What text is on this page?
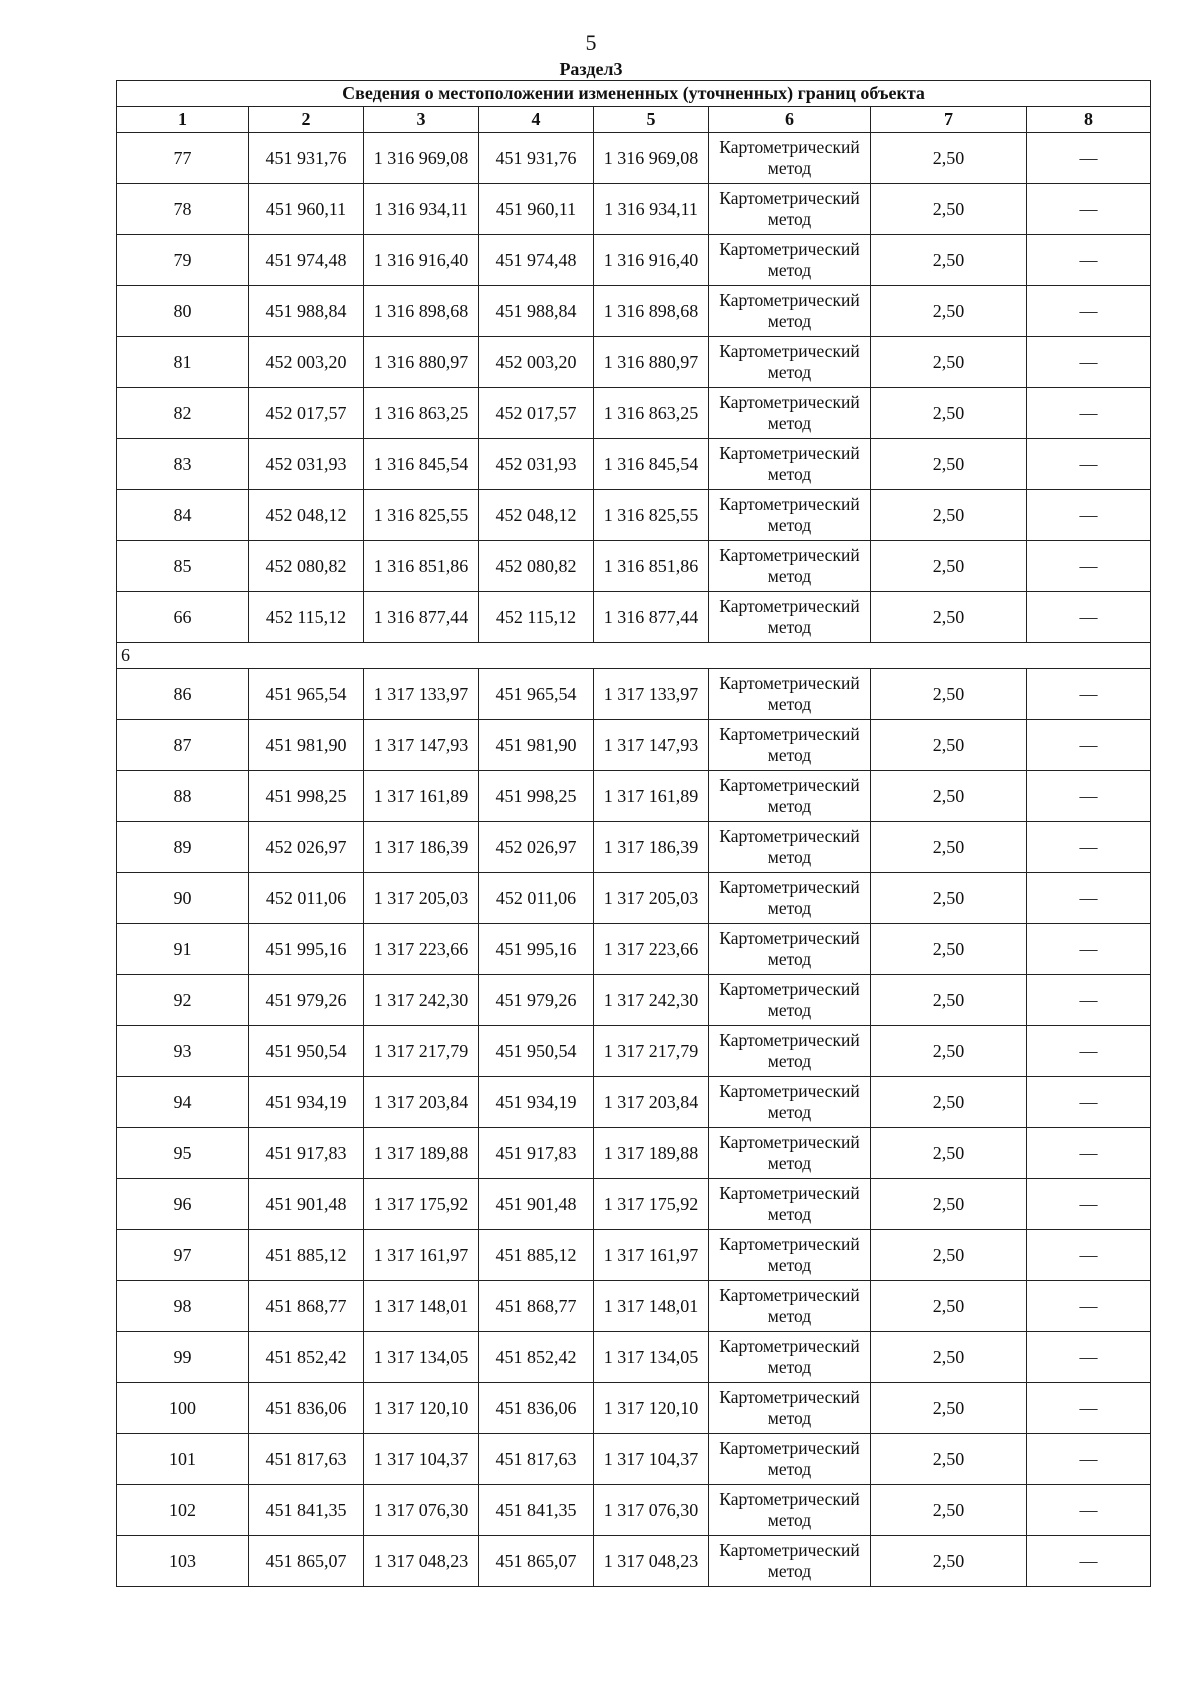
5
Раздел3
Сведения о местоположении измененных (уточненных) границ объекта							
1	2	3	4	5	6	7	8
77	451 931,76	1 316 969,08	451 931,76	1 316 969,08	Картометрический метод	2,50	—
78	451 960,11	1 316 934,11	451 960,11	1 316 934,11	Картометрический метод	2,50	—
79	451 974,48	1 316 916,40	451 974,48	1 316 916,40	Картометрический метод	2,50	—
80	451 988,84	1 316 898,68	451 988,84	1 316 898,68	Картометрический метод	2,50	—
81	452 003,20	1 316 880,97	452 003,20	1 316 880,97	Картометрический метод	2,50	—
82	452 017,57	1 316 863,25	452 017,57	1 316 863,25	Картометрический метод	2,50	—
83	452 031,93	1 316 845,54	452 031,93	1 316 845,54	Картометрический метод	2,50	—
84	452 048,12	1 316 825,55	452 048,12	1 316 825,55	Картометрический метод	2,50	—
85	452 080,82	1 316 851,86	452 080,82	1 316 851,86	Картометрический метод	2,50	—
66	452 115,12	1 316 877,44	452 115,12	1 316 877,44	Картометрический метод	2,50	—
6							
86	451 965,54	1 317 133,97	451 965,54	1 317 133,97	Картометрический метод	2,50	—
87	451 981,90	1 317 147,93	451 981,90	1 317 147,93	Картометрический метод	2,50	—
88	451 998,25	1 317 161,89	451 998,25	1 317 161,89	Картометрический метод	2,50	—
89	452 026,97	1 317 186,39	452 026,97	1 317 186,39	Картометрический метод	2,50	—
90	452 011,06	1 317 205,03	452 011,06	1 317 205,03	Картометрический метод	2,50	—
91	451 995,16	1 317 223,66	451 995,16	1 317 223,66	Картометрический метод	2,50	—
92	451 979,26	1 317 242,30	451 979,26	1 317 242,30	Картометрический метод	2,50	—
93	451 950,54	1 317 217,79	451 950,54	1 317 217,79	Картометрический метод	2,50	—
94	451 934,19	1 317 203,84	451 934,19	1 317 203,84	Картометрический метод	2,50	—
95	451 917,83	1 317 189,88	451 917,83	1 317 189,88	Картометрический метод	2,50	—
96	451 901,48	1 317 175,92	451 901,48	1 317 175,92	Картометрический метод	2,50	—
97	451 885,12	1 317 161,97	451 885,12	1 317 161,97	Картометрический метод	2,50	—
98	451 868,77	1 317 148,01	451 868,77	1 317 148,01	Картометрический метод	2,50	—
99	451 852,42	1 317 134,05	451 852,42	1 317 134,05	Картометрический метод	2,50	—
100	451 836,06	1 317 120,10	451 836,06	1 317 120,10	Картометрический метод	2,50	—
101	451 817,63	1 317 104,37	451 817,63	1 317 104,37	Картометрический метод	2,50	—
102	451 841,35	1 317 076,30	451 841,35	1 317 076,30	Картометрический метод	2,50	—
103	451 865,07	1 317 048,23	451 865,07	1 317 048,23	Картометрический метод	2,50	—
